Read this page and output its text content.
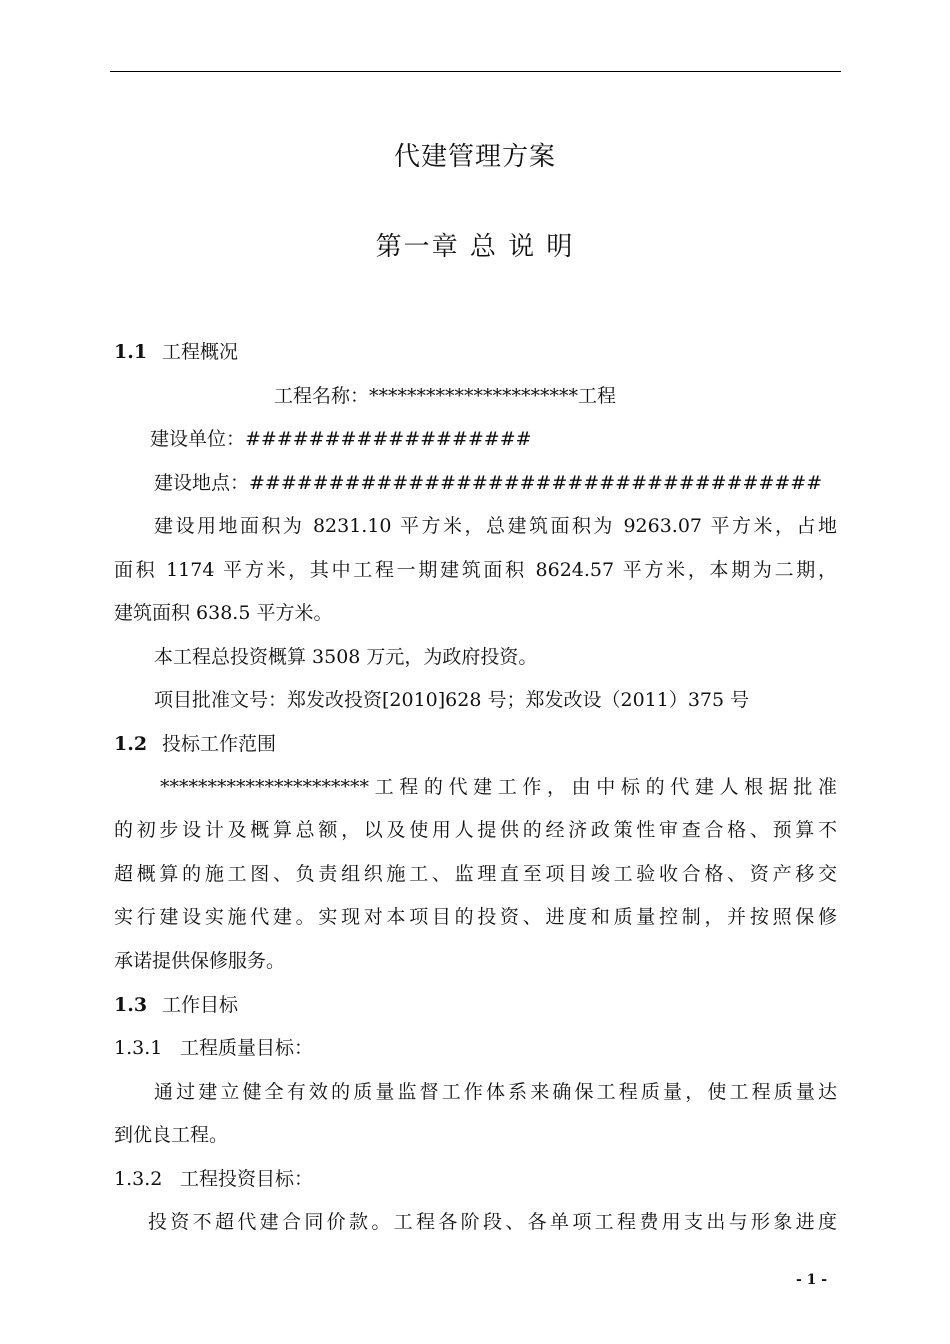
代建管理方案
第一章 总 说 明
1.1 工程概况
工程名称：**********************工程
建设单位：##################
建设地点：####################################
建设用地面积为 8231.10 平方米，总建筑面积为 9263.07 平方米，占地
面积 1174 平方米，其中工程一期建筑面积 8624.57 平方米，本期为二期，
建筑面积 638.5 平方米。
本工程总投资概算 3508 万元，为政府投资。
项目批准文号：郑发改投资[2010]628 号；郑发改设（2011）375 号
1.2 投标工作范围
**********************工程的代建工作，由中标的代建人根据批准
的初步设计及概算总额，以及使用人提供的经济政策性审查合格、预算不
超概算的施工图、负责组织施工、监理直至项目竣工验收合格、资产移交
实行建设实施代建。实现对本项目的投资、进度和质量控制，并按照保修
承诺提供保修服务。
1.3 工作目标
1.3.1 工程质量目标：
通过建立健全有效的质量监督工作体系来确保工程质量，使工程质量达
到优良工程。
1.3.2 工程投资目标：
投资不超代建合同价款。工程各阶段、各单项工程费用支出与形象进度
- 1 -
